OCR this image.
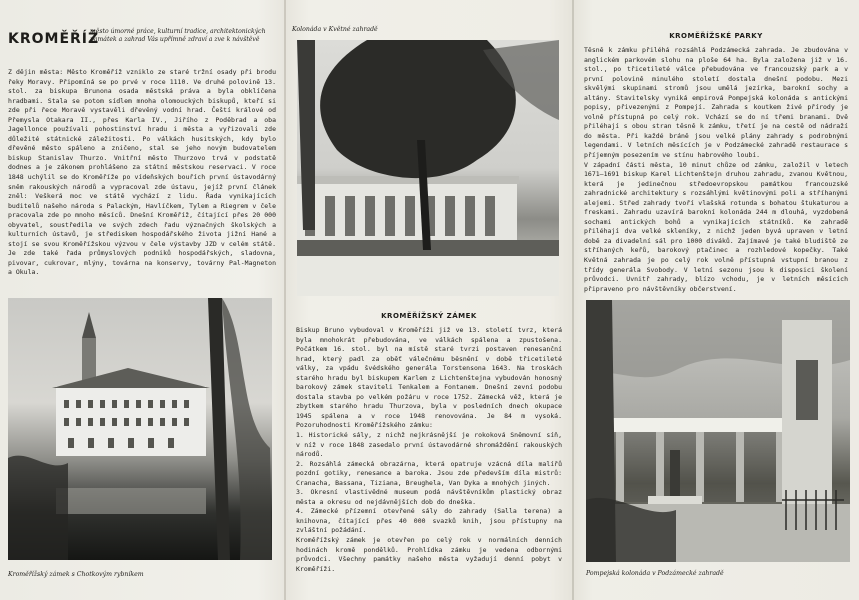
KROMĚŘÍŽ
město úmorné práce, kulturní tradice, architektonických památek a zahrad Vás upřímně zdraví a zve k návštěvě

Z dějin města: Město Kroměříž vzniklo ze staré tržní osady při brodu řeky Moravy. Připomíná se po prvé v roce 1110. Ve druhé polovině 13. stol. za biskupa Brunona osada městská práva a byla obklíčena hradbami. Stala se potom sídlem mnoha olomouckých biskupů, kteří si zde při řece Moravě vystavěli dřevěný vodní hrad. Čeští králové od Přemysla Otakara II., přes Karla IV., Jiřího z Poděbrad a oba Jagellonce používali pohostinství hradu i města a vyřizovali zde důležité státnické záležitosti. Po válkách husitských, kdy bylo dřevěné město spáleno a zničeno, stal se jeho novým budovatelem biskup Stanislav Thurzo. Vnitřní město Thurzovo trvá v podstatě dodnes a je zákonem prohlášeno za státní městskou reservaci. V roce 1848 uchýlil se do Kroměříže po vídeňských bouřích první ústavodárný sněm rakouských národů a vypracoval zde ústavu, jejíž první článek zněl: Veškerá moc ve státě vychází z lidu. Řada vynikajících buditelů našeho národa s Palackým, Havlíčkem, Tylem a Riegrem v čele pracovala zde po mnoho měsíců. Dnešní Kroměříž, čítající přes 20 000 obyvatel, soustředila ve svých zdech řadu význačných školských a kulturních ústavů, je střediskem hospodářského života jižní Hané a stojí se svou Kroměřížskou výzvou v čele výstavby JZD v celém státě. Je zde také řada průmyslových podniků hospodářských, sladovna, pivovar, cukrovar, mlýny, továrna na konservy, továrny Pal-Magneton a Okula.

Kroměřížský zámek s Chotkovým rybníkem
Kolonáda v Květné zahradě
KROMĚŘÍŽSKÝ ZÁMEK
Biskup Bruno vybudoval v Kroměříži již ve 13. století tvrz, která byla mnohokrát přebudována, ve válkách spálena a zpustošena. Počátkem 16. stol. byl na místě staré tvrzi postaven renesanční hrad, který padl za oběť válečnému běsnění v době třicetileté války, za vpádu švédského generála Torstensona 1643. Na troskách starého hradu byl biskupem Karlem z Lichtenštejna vybudován honosný barokový zámek staviteli Tenkalem a Fontanem. Dnešní zevní podobu dostala stavba po velkém požáru v roce 1752. Zámecká věž, která je zbytkem starého hradu Thurzova, byla v posledních dnech okupace 1945 spálena a v roce 1948 renovována. Je 84 m vysoká. Pozoruhodnosti Kroměřížského zámku:
1. Historické sály, z nichž nejkrásnější je rokoková Sněmovní síň, v níž v roce 1848 zasedalo první ústavodárné shromáždění rakouských národů.
2. Rozsáhlá zámecká obrazárna, která opatruje vzácná díla malířů pozdní gotiky, renesance a baroka. Jsou zde především díla mistrů: Cranacha, Bassana, Tiziana, Breughela, Van Dyka a mnohých jiných.
3. Okresní vlastivědné museum podá návštěvníkům plastický obraz města a okresu od nejdávnějších dob do dneška.
4. Zámecké přízemní otevřené sály do zahrady (Salla terena) a knihovna, čítající přes 40 000 svazků knih, jsou přístupny na zvláštní požádání.
Kroměřížský zámek je otevřen po celý rok v normálních denních hodinách kromě pondělků. Prohlídka zámku je vedena odbornými průvodci. Všechny památky našeho města vyžadují denní pobyt v Kroměříži.
KROMĚŘÍŽSKÉ PARKY
Těsně k zámku přiléhá rozsáhlá Podzámecká zahrada. Je zbudována v anglickém parkovém slohu na ploše 64 ha. Byla založena již v 16. stol., po třicetileté válce přebudována ve francouzský park a v první polovině minulého století dostala dnešní podobu. Mezi skvělými skupinami stromů jsou umělá jezírka, barokní sochy a altány. Stavitelsky vyniká empirová Pompejská kolonáda s antickými popisy, přivezenými z Pompejí. Zahrada s koutkem živé přírody je volně přístupná po celý rok. Vchází se do ní třemi branami. Dvě přiléhají s obou stran těsně k zámku, třetí je na cestě od nádraží do města. Při každé bráně jsou velké plány zahrady s podrobnými legendami. V letních měsících je v Podzámecké zahradě restaurace s příjemným posezením ve stínu habrového loubí.
V západní části města, 10 minut chůze od zámku, založil v letech 1671—1691 biskup Karel Lichtenštejn druhou zahradu, zvanou Květnou, která je jedinečnou středoevropskou památkou francouzské zahradnické architektury s rozsáhlými květinovými poli a stříhanými alejemi. Střed zahrady tvoří vlašská rotunda s bohatou štukaturou a freskami. Zahradu uzavírá barokní kolonáda 244 m dlouhá, vyzdobená sochami antických bohů a vynikajících státníků. Ke zahradě přiléhají dva velké skleníky, z nichž jeden byvá upraven v letní době za divadelní sál pro 1000 diváků. Zajímavé je také bludiště ze stříhaných keřů, barokový ptačinec a rozhledové kopečky. Také Květná zahrada je po celý rok volně přístupná vstupní branou z třídy generála Svobody. V letní sezonu jsou k disposici školení průvodci. Uvnitř zahrady, blízo vchodu, je v letních měsících připraveno pro návštěvníky občerstvení.
Pompejská kolonáda v Podzámecké zahradě
